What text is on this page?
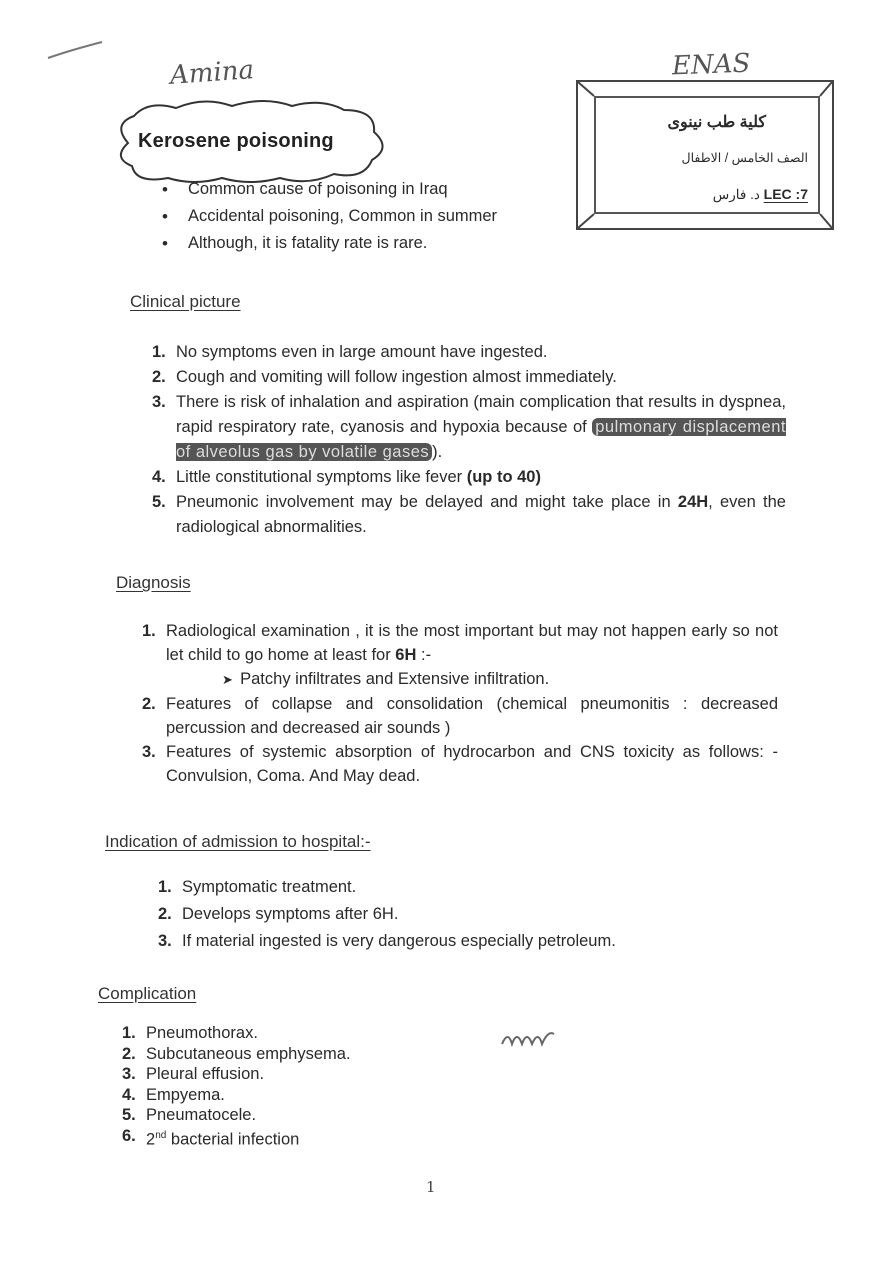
Amina	ENAS
Kerosene poisoning
كلية طب نينوى
الصف الخامس / الاطفال
د. فارس LEC :7
• Common cause of poisoning in Iraq
• Accidental poisoning, Common in summer
• Although, it is fatality rate is rare.
Clinical picture
1. No symptoms even in large amount have ingested.
2. Cough and vomiting will follow ingestion almost immediately.
3. There is risk of inhalation and aspiration (main complication that results in dyspnea, rapid respiratory rate, cyanosis and hypoxia because of pulmonary displacement of alveolus gas by volatile gases ).
4. Little constitutional symptoms like fever (up to 40)
5. Pneumonic involvement may be delayed and might take place in 24H, even the radiological abnormalities.
Diagnosis
1. Radiological examination , it is the most important but may not happen early so not let child to go home at least for 6H :-
➤  Patchy infiltrates and Extensive infiltration.
2. Features of collapse and consolidation (chemical pneumonitis : decreased percussion and decreased air sounds )
3. Features of systemic absorption of hydrocarbon and CNS toxicity as follows: - Convulsion, Coma. And May dead.
Indication of admission to hospital:-
1. Symptomatic treatment.
2. Develops symptoms after 6H.
3. If material ingested is very dangerous especially petroleum.
Complication
1. Pneumothorax.
2. Subcutaneous emphysema.
3. Pleural effusion.
4. Empyema.
5. Pneumatocele.
6. 2nd bacterial infection
1
